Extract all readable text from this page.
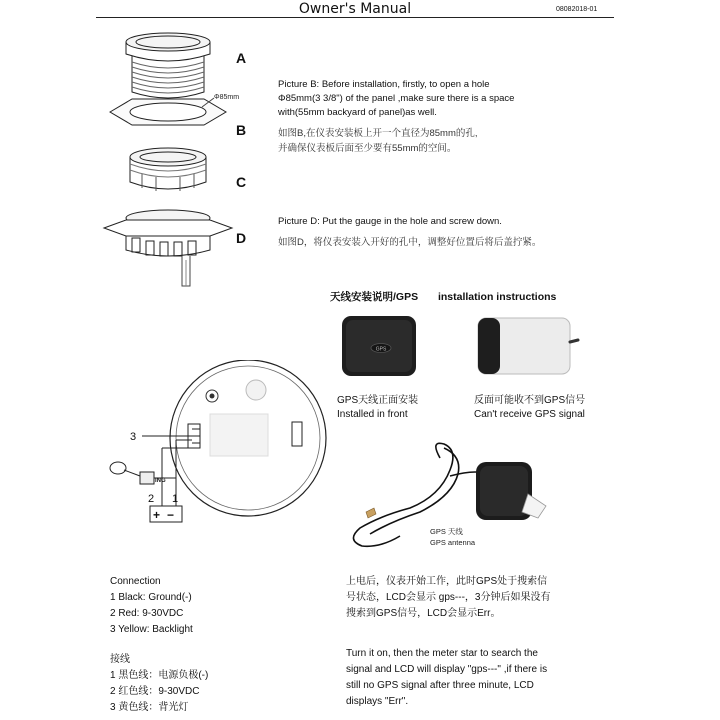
Owner's Manual	08082018-01
Φ85mm
A
B
C
D
Picture B: Before installation, firstly, to open a hole
Φ85mm(3 3/8") of the panel ,make sure there is a space
with(55mm backyard of panel)as well.
如图B,在仪表安装板上开一个直径为85mm的孔,
并确保仪表板后面至少要有55mm的空间。
Picture D: Put the gauge in the hole and screw down.
如图D，将仪表安装入开好的孔中，调整好位置后将后盖拧紧。
天线安装说明/GPS installation instructions
GPS
GPS天线正面安装
Installed in front
反面可能收不到GPS信号
Can't receive GPS signal
GPS 天线
GPS antenna
ING
+ −
3
2 1
Connection
1 Black: Ground(-)
2 Red: 9-30VDC
3 Yellow: Backlight
接线
1 黑色线：电源负极(-)
2 红色线：9-30VDC
3 黄色线：背光灯
上电后，仪表开始工作，此时GPS处于搜索信
号状态，LCD会显示 gps---，3分钟后如果没有
搜索到GPS信号，LCD会显示Err。
Turn it on, then the meter star to search the
signal and LCD will display "gps---" ,if there is
still no GPS signal after three minute, LCD
displays "Err".
